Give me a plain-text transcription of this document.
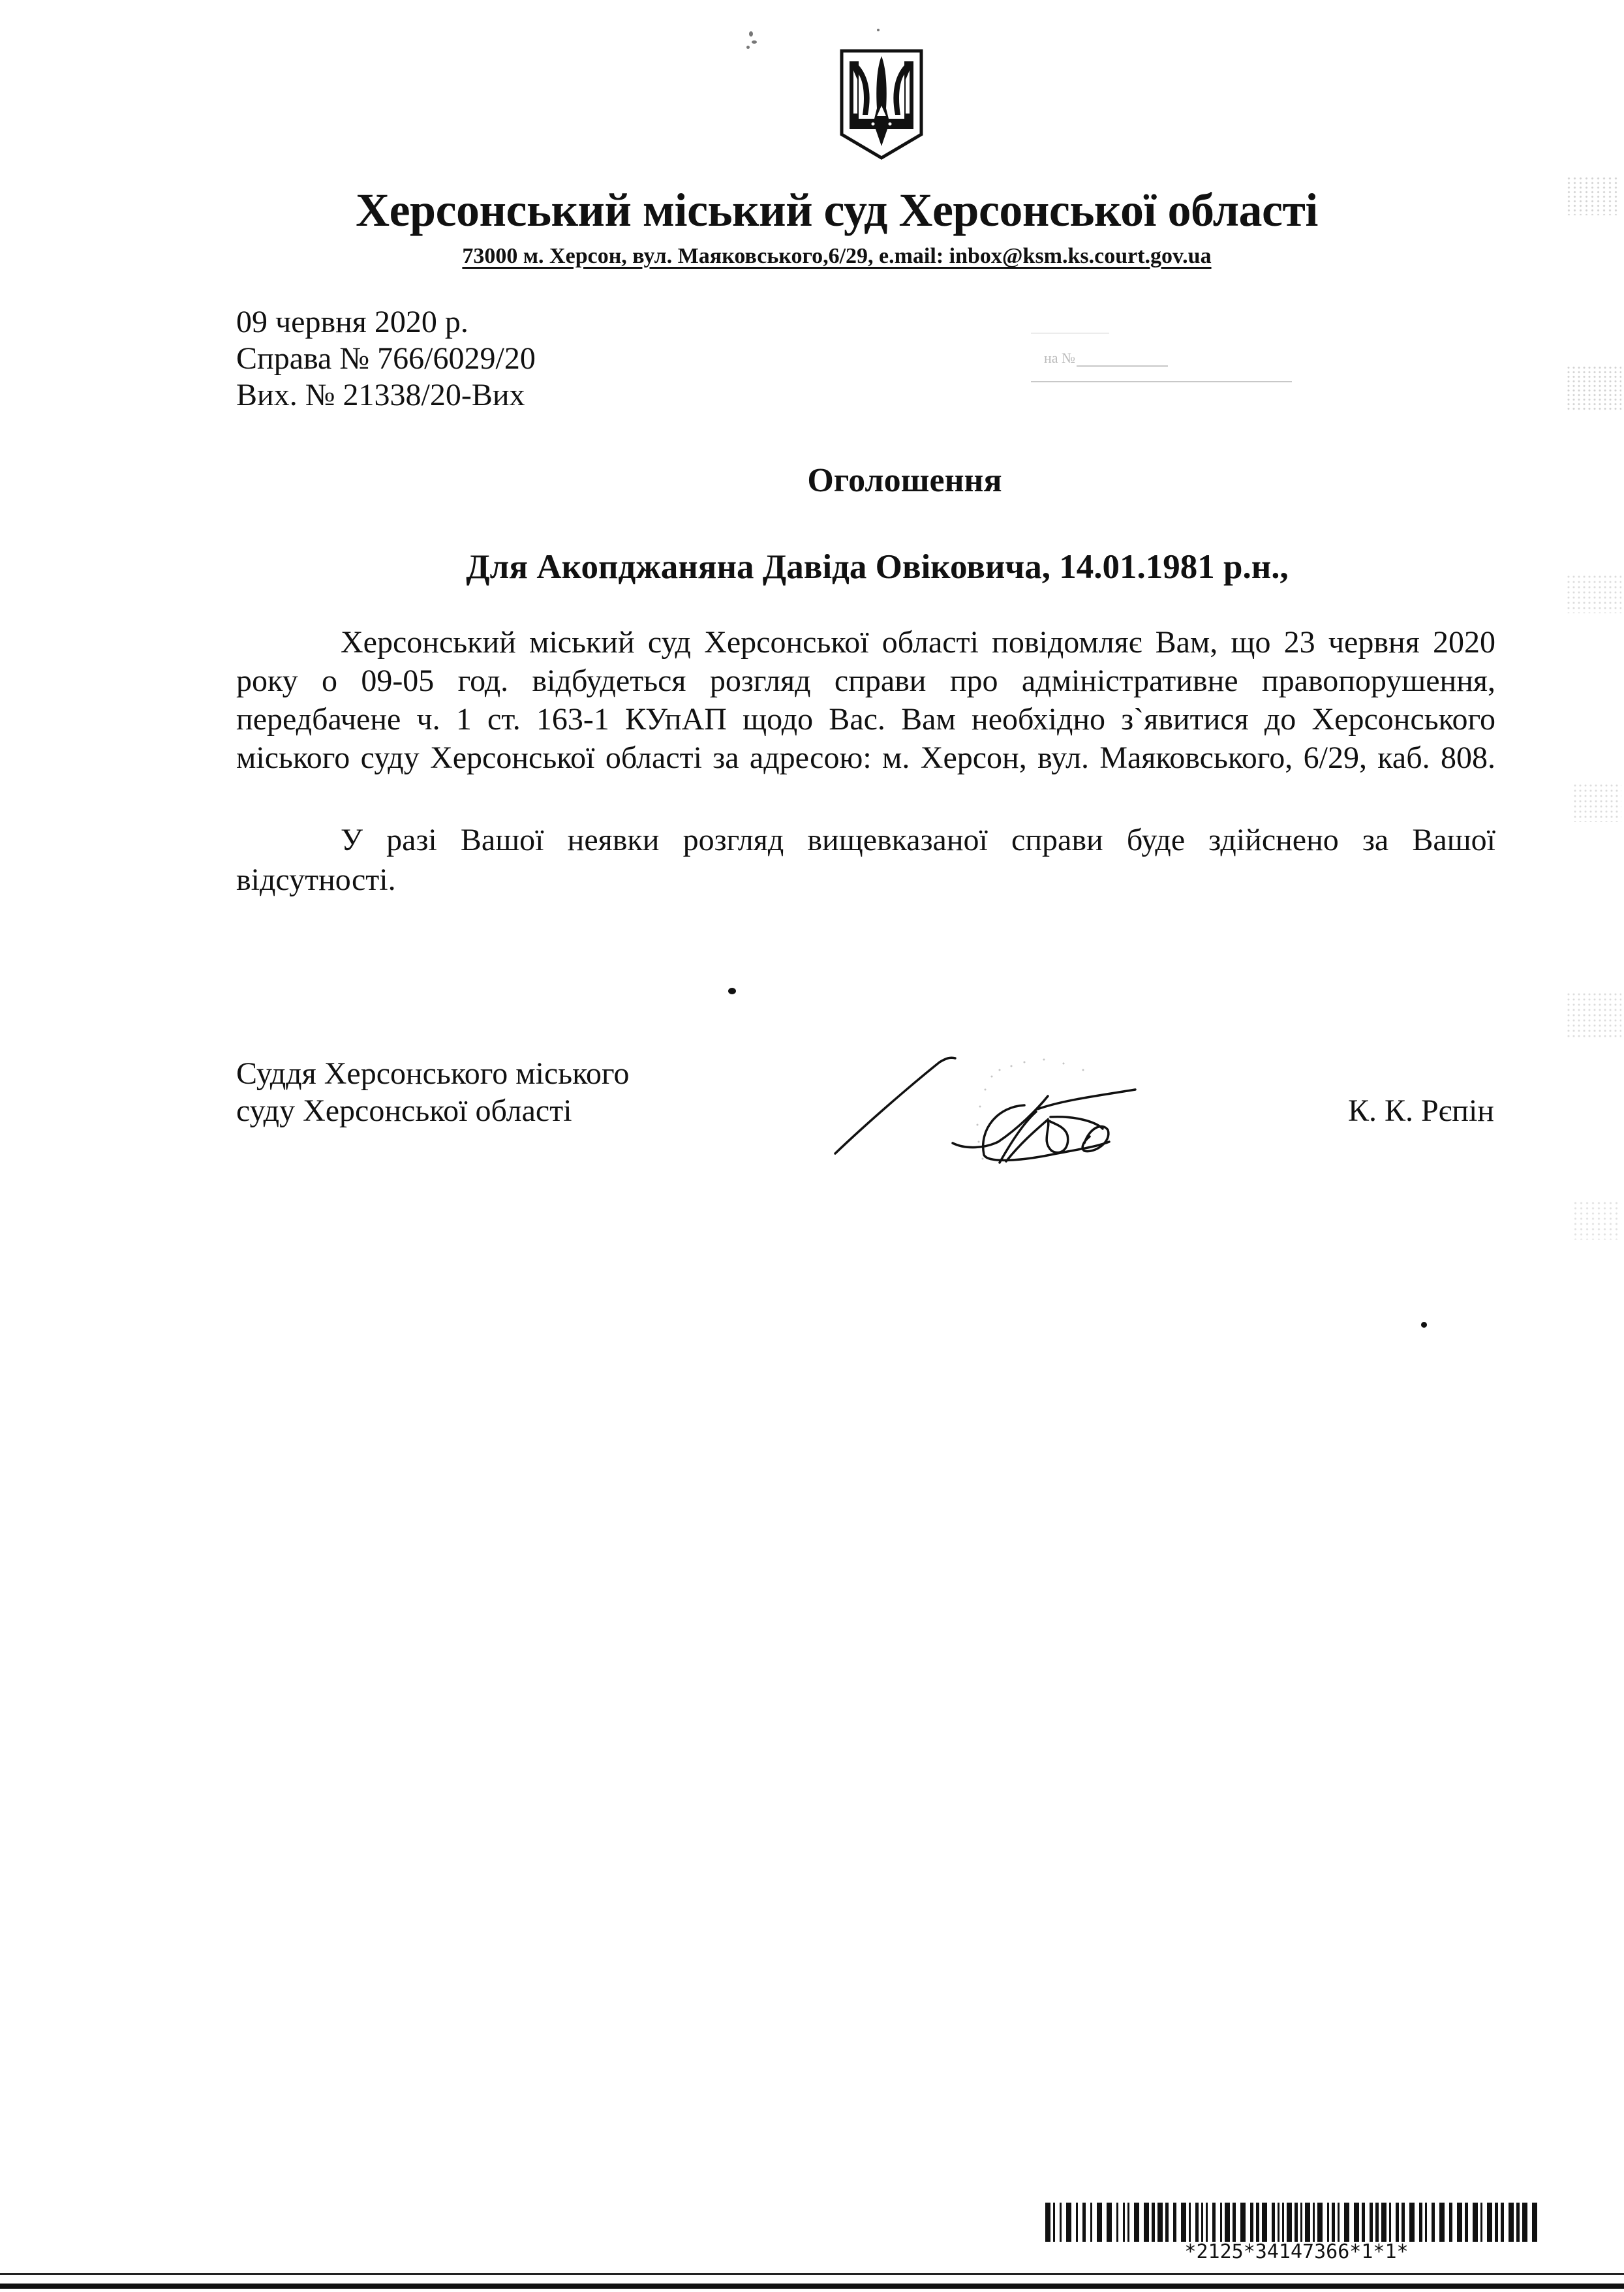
Херсонський міський суд Херсонської області
73000 м. Херсон, вул. Маяковського,6/29, e.mail: inbox@ksm.ks.court.gov.ua
09 червня 2020 р.
Справа № 766/6029/20
Вих. № 21338/20-Вих
на №
Оголошення
Для Акопджаняна Давіда Овіковича, 14.01.1981 р.н.,
Херсонський міський суд Херсонської області повідомляє Вам, що 23 червня 2020
року о 09-05 год. відбудеться розгляд справи про адміністративне правопорушення,
передбачене ч. 1 ст. 163-1 КУпАП щодо Вас. Вам необхідно з`явитися до Херсонського
міського суду Херсонської області за адресою: м. Херсон, вул. Маяковського, 6/29, каб. 808.
У разі Вашої неявки розгляд вищевказаної справи буде здійснено за Вашої
відсутності.
Суддя Херсонського міського
суду Херсонської області	К. К. Рєпін
*2125*34147366*1*1*
